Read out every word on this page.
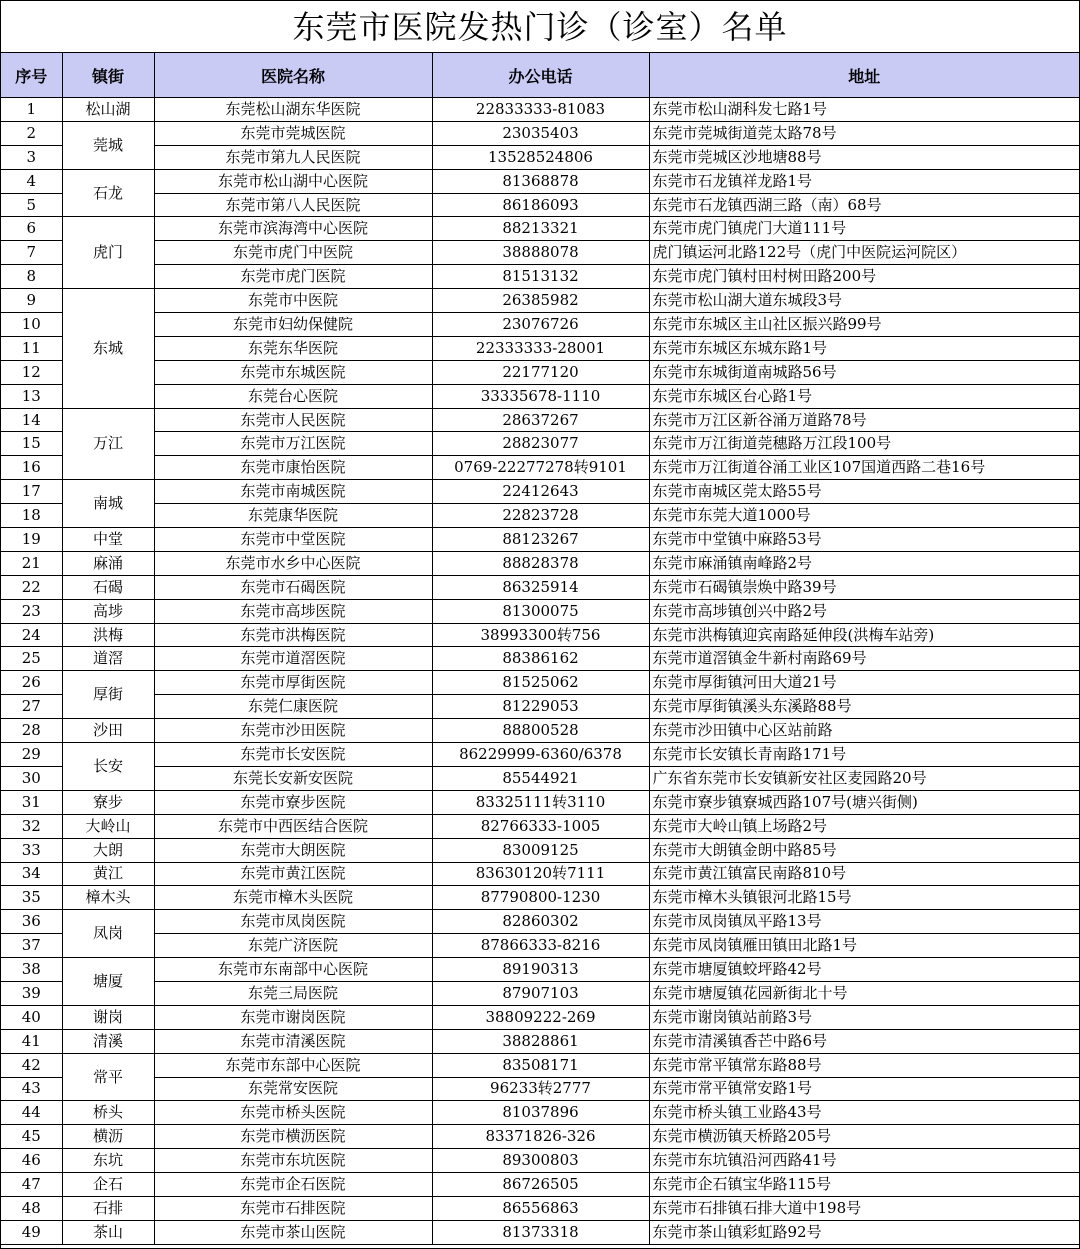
东莞市医院发热门诊（诊室）名单
序号	镇街	医院名称	办公电话	地址
1	松山湖	东莞松山湖东华医院	22833333-81083	东莞市松山湖科发七路1号
2	莞城	东莞市莞城医院	23035403	东莞市莞城街道莞太路78号
3		东莞市第九人民医院	13528524806	东莞市莞城区沙地塘88号
4	石龙	东莞市松山湖中心医院	81368878	东莞市石龙镇祥龙路1号
5		东莞市第八人民医院	86186093	东莞市石龙镇西湖三路（南）68号
6	虎门	东莞市滨海湾中心医院	88213321	东莞市虎门镇虎门大道111号
7		东莞市虎门中医院	38888078	虎门镇运河北路122号（虎门中医院运河院区）
8		东莞市虎门医院	81513132	东莞市虎门镇村田村树田路200号
9	东城	东莞市中医院	26385982	东莞市松山湖大道东城段3号
10		东莞市妇幼保健院	23076726	东莞市东城区主山社区振兴路99号
11		东莞东华医院	22333333-28001	东莞市东城区东城东路1号
12		东莞市东城医院	22177120	东莞市东城街道南城路56号
13		东莞台心医院	33335678-1110	东莞市东城区台心路1号
14	万江	东莞市人民医院	28637267	东莞市万江区新谷涌万道路78号
15		东莞市万江医院	28823077	东莞市万江街道莞穗路万江段100号
16		东莞市康怡医院	0769-22277278转9101	东莞市万江街道谷涌工业区107国道西路二巷16号
17	南城	东莞市南城医院	22412643	东莞市南城区莞太路55号
18		东莞康华医院	22823728	东莞市东莞大道1000号
19	中堂	东莞市中堂医院	88123267	东莞市中堂镇中麻路53号
21	麻涌	东莞市水乡中心医院	88828378	东莞市麻涌镇南峰路2号
22	石碣	东莞市石碣医院	86325914	东莞市石碣镇崇焕中路39号
23	高埗	东莞市高埗医院	81300075	东莞市高埗镇创兴中路2号
24	洪梅	东莞市洪梅医院	38993300转756	东莞市洪梅镇迎宾南路延伸段(洪梅车站旁)
25	道滘	东莞市道滘医院	88386162	东莞市道滘镇金牛新村南路69号
26	厚街	东莞市厚街医院	81525062	东莞市厚街镇河田大道21号
27		东莞仁康医院	81229053	东莞市厚街镇溪头东溪路88号
28	沙田	东莞市沙田医院	88800528	东莞市沙田镇中心区站前路
29	长安	东莞市长安医院	86229999-6360/6378	东莞市长安镇长青南路171号
30		东莞长安新安医院	85544921	广东省东莞市长安镇新安社区麦园路20号
31	寮步	东莞市寮步医院	83325111转3110	东莞市寮步镇寮城西路107号(塘兴街侧)
32	大岭山	东莞市中西医结合医院	82766333-1005	东莞市大岭山镇上场路2号
33	大朗	东莞市大朗医院	83009125	东莞市大朗镇金朗中路85号
34	黄江	东莞市黄江医院	83630120转7111	东莞市黄江镇富民南路810号
35	樟木头	东莞市樟木头医院	87790800-1230	东莞市樟木头镇银河北路15号
36	凤岗	东莞市凤岗医院	82860302	东莞市凤岗镇凤平路13号
37		东莞广济医院	87866333-8216	东莞市凤岗镇雁田镇田北路1号
38	塘厦	东莞市东南部中心医院	89190313	东莞市塘厦镇蛟坪路42号
39		东莞三局医院	87907103	东莞市塘厦镇花园新街北十号
40	谢岗	东莞市谢岗医院	38809222-269	东莞市谢岗镇站前路3号
41	清溪	东莞市清溪医院	38828861	东莞市清溪镇香芒中路6号
42	常平	东莞市东部中心医院	83508171	东莞市常平镇常东路88号
43		东莞常安医院	96233转2777	东莞市常平镇常安路1号
44	桥头	东莞市桥头医院	81037896	东莞市桥头镇工业路43号
45	横沥	东莞市横沥医院	83371826-326	东莞市横沥镇天桥路205号
46	东坑	东莞市东坑医院	89300803	东莞市东坑镇沿河西路41号
47	企石	东莞市企石医院	86726505	东莞市企石镇宝华路115号
48	石排	东莞市石排医院	86556863	东莞市石排镇石排大道中198号
49	茶山	东莞市茶山医院	81373318	东莞市茶山镇彩虹路92号
